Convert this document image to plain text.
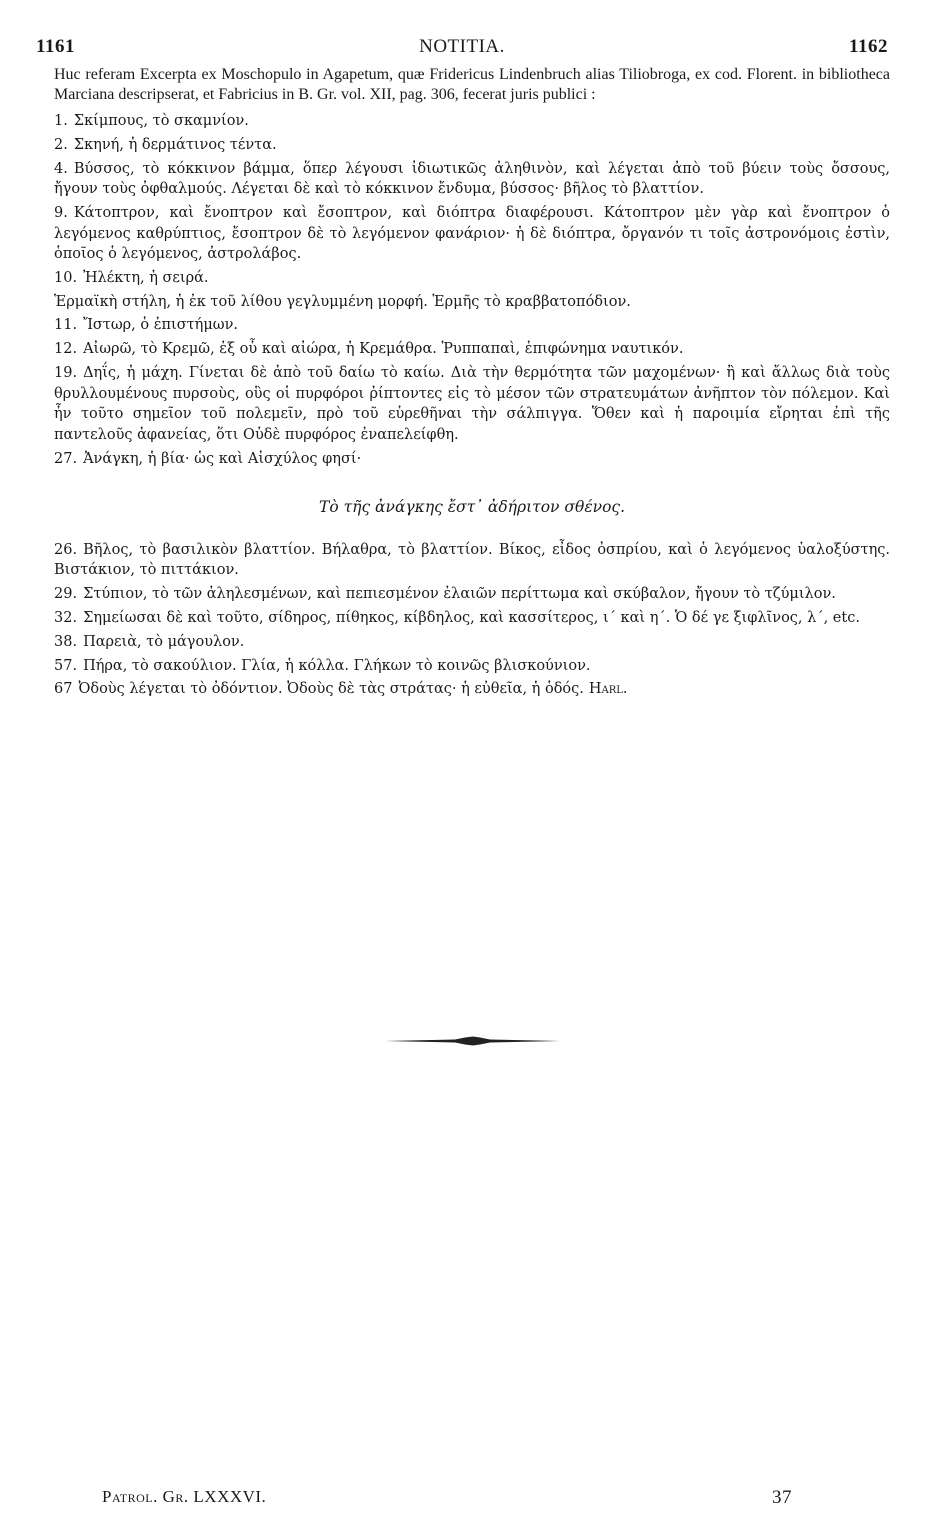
1161	NOTITIA.	1162

Huc referam Excerpta ex Moschopulo in Agapetum, quæ Fridericus Lindenbruch alias Tiliobroga, ex cod. Florent. in bibliotheca Marciana descripserat, et Fabricius in B. Gr. vol. XII, pag. 306, fecerat juris publici :

1. Σκίμπους, τὸ σκαμνίον.

2. Σκηνή, ἡ δερμάτινος τέντα.

4. Βύσσος, τὸ κόκκινον βάμμα, ὅπερ λέγουσι ἰδιωτικῶς ἀληθινὸν, καὶ λέγεται ἀπὸ τοῦ βύειν τοὺς ὄσσους, ἤγουν τοὺς ὀφθαλμούς. Λέγεται δὲ καὶ τὸ κόκκινον ἔνδυμα, βύσσος· βῆλος τὸ βλαττίον.

9. Κάτοπτρον, καὶ ἔνοπτρον καὶ ἔσοπτρον, καὶ διόπτρα διαφέρουσι. Κάτοπτρον μὲν γὰρ καὶ ἔνοπτρον ὁ λεγόμενος καθρύπτιος, ἔσοπτρον δὲ τὸ λεγόμενον φανάριον· ἡ δὲ διόπτρα, ὄργανόν τι τοῖς ἀστρονόμοις ἐστὶν, ὁποῖος ὁ λεγόμενος, ἀστρολάβος.

10. Ἠλέκτη, ἡ σειρά.

Ἑρμαϊκὴ στήλη, ἡ ἐκ τοῦ λίθου γεγλυμμένη μορφή. Ἑρμῆς τὸ κραββατοπόδιον.

11. Ἴστωρ, ὁ ἐπιστήμων.

12. Αἰωρῶ, τὸ Κρεμῶ, ἐξ οὗ καὶ αἰώρα, ἡ Κρεμάθρα. Ῥυππαπαὶ, ἐπιφώνημα ναυτικόν.

19. Δηΐς, ἡ μάχη. Γίνεται δὲ ἀπὸ τοῦ δαίω τὸ καίω. Διὰ τὴν θερμότητα τῶν μαχομένων· ἢ καὶ ἄλλως διὰ τοὺς θρυλλουμένους πυρσοὺς, οὓς οἱ πυρφόροι ῥίπτοντες εἰς τὸ μέσον τῶν στρατευμάτων ἀνῆπτον τὸν πόλεμον. Καὶ ἦν τοῦτο σημεῖον τοῦ πολεμεῖν, πρὸ τοῦ εὑρεθῆναι τὴν σάλπιγγα. Ὅθεν καὶ ἡ παροιμία εἴρηται ἐπὶ τῆς παντελοῦς ἀφανείας, ὅτι Οὐδὲ πυρφόρος ἐναπελείφθη.

27. Ἀνάγκη, ἡ βία· ὡς καὶ Αἰσχύλος φησί·

Τὸ τῆς ἀνάγκης ἔστ᾽ ἀδήριτον σθένος.

26. Βῆλος, τὸ βασιλικὸν βλαττίον. Βήλαθρα, τὸ βλαττίον. Βίκος, εἶδος ὀσπρίου, καὶ ὁ λεγόμενος ὑαλοξύστης. Βιστάκιον, τὸ πιττάκιον.

29. Στύπιον, τὸ τῶν ἀληλεσμένων, καὶ πεπιεσμένον ἐλαιῶν περίττωμα καὶ σκύβαλον, ἤγουν τὸ τζύμιλον.

32. Σημείωσαι δὲ καὶ τοῦτο, σίδηρος, πίθηκος, κίβδηλος, καὶ κασσίτερος, ι´ καὶ η´. Ὁ δέ γε ξιφλῖνος, λ´, etc.

38. Παρειὰ, τὸ μάγουλον.

57. Πήρα, τὸ σακούλιον. Γλία, ἡ κόλλα. Γλήκων τὸ κοινῶς βλισκούνιον.

67 Ὀδοὺς λέγεται τὸ ὀδόντιον. Ὀδοὺς δὲ τὰς στράτας· ἡ εὐθεῖα, ἡ ὁδός. Harl.

Patrol. Gr. LXXXVI.	37
